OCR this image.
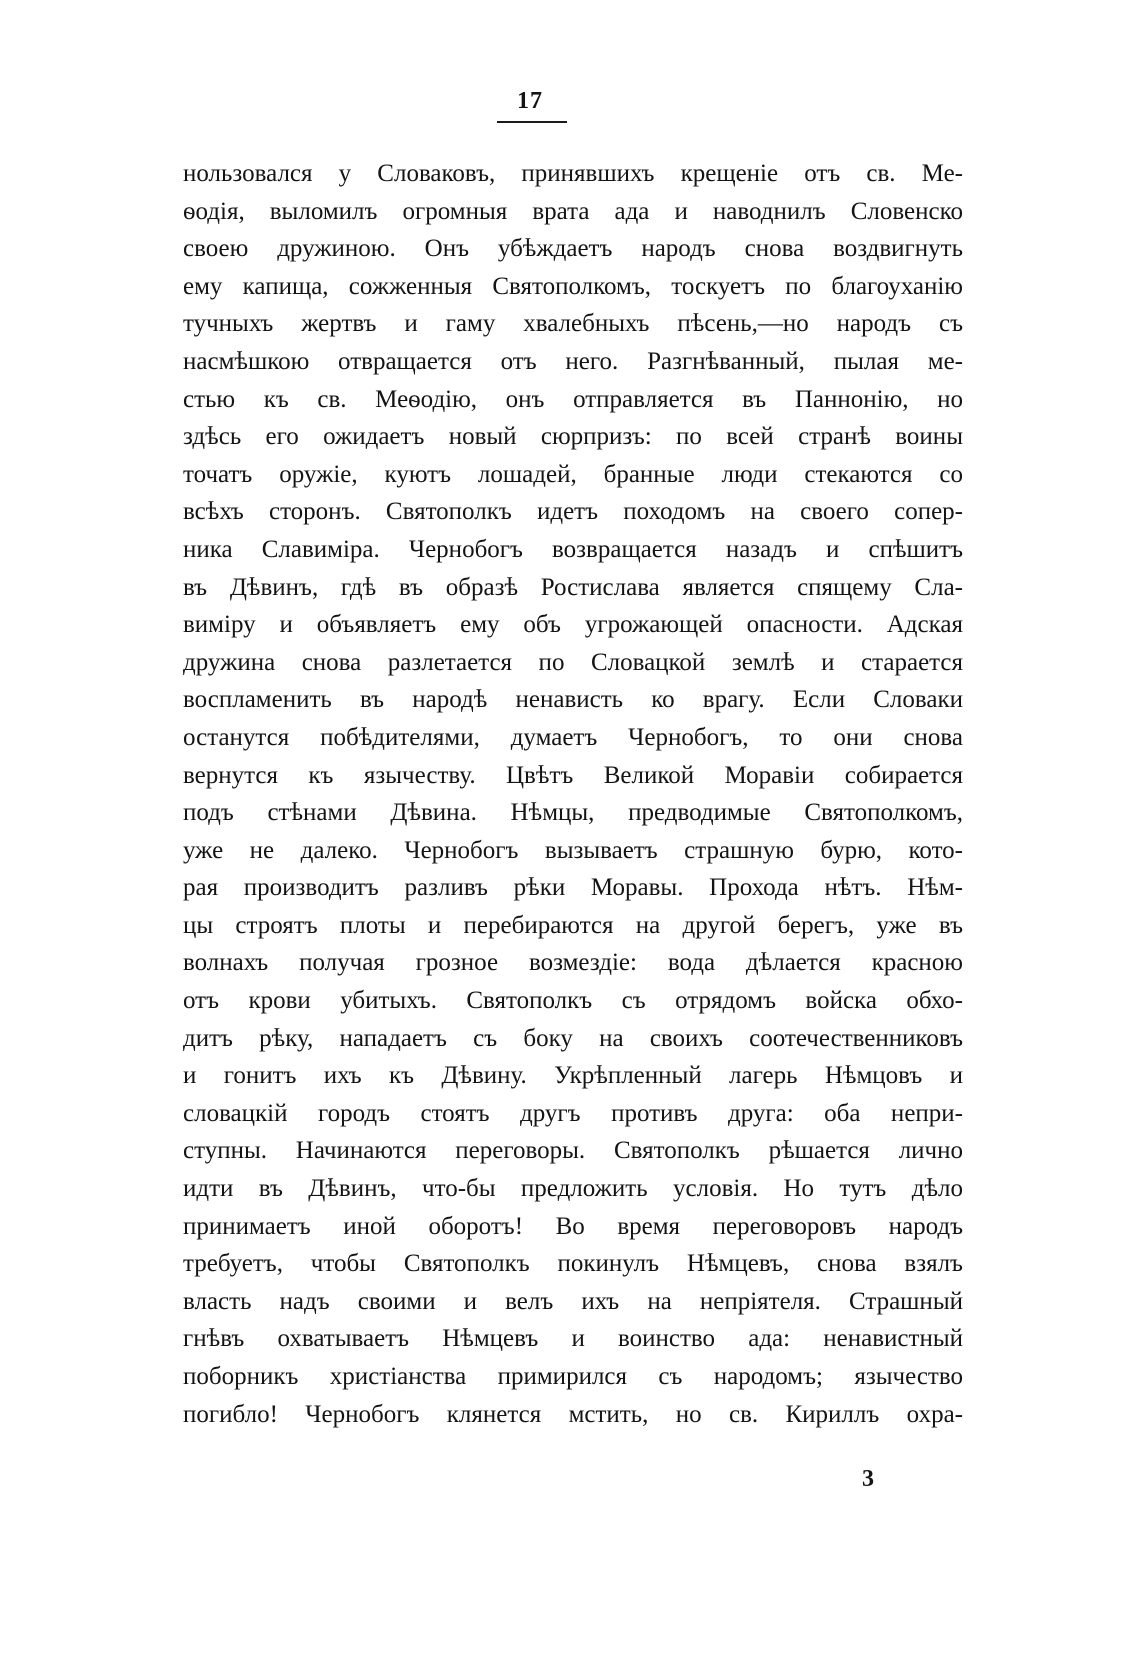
17
нользовался у Словаковъ, принявшихъ крещеніе отъ св. Ме-
ѳодія, выломилъ огромныя врата ада и наводнилъ Словенско
своею дружиною. Онъ убѣждаетъ народъ снова воздвигнуть
ему капища, сожженныя Святополкомъ, тоскуетъ по благоуханію
тучныхъ жертвъ и гаму хвалебныхъ пѣсень,—но народъ съ
насмѣшкою отвращается отъ него. Разгнѣванный, пылая ме-
стью къ св. Меѳодію, онъ отправляется въ Паннонію, но
здѣсь его ожидаетъ новый сюрпризъ: по всей странѣ воины
точатъ оружіе, куютъ лошадей, бранные люди стекаются со
всѣхъ сторонъ. Святополкъ идетъ походомъ на своего сопер-
ника Славиміра. Чернобогъ возвращается назадъ и спѣшитъ
въ Дѣвинъ, гдѣ въ образѣ Ростислава является спящему Сла-
виміру и объявляетъ ему объ угрожающей опасности. Адская
дружина снова разлетается по Словацкой землѣ и старается
воспламенить въ народѣ ненависть ко врагу. Если Словаки
останутся побѣдителями, думаетъ Чернобогъ, то они снова
вернутся къ язычеству. Цвѣтъ Великой Моравіи собирается
подъ стѣнами Дѣвина. Нѣмцы, предводимые Святополкомъ,
уже не далеко. Чернобогъ вызываетъ страшную бурю, кото-
рая производитъ разливъ рѣки Моравы. Прохода нѣтъ. Нѣм-
цы строятъ плоты и перебираются на другой берегъ, уже въ
волнахъ получая грозное возмездіе: вода дѣлается красною
отъ крови убитыхъ. Святополкъ съ отрядомъ войска обхо-
дитъ рѣку, нападаетъ съ боку на своихъ соотечественниковъ
и гонитъ ихъ къ Дѣвину. Укрѣпленный лагерь Нѣмцовъ и
словацкій городъ стоятъ другъ противъ друга: оба непри-
ступны. Начинаются переговоры. Святополкъ рѣшается лично
идти въ Дѣвинъ, что-бы предложить условія. Но тутъ дѣло
принимаетъ иной оборотъ! Во время переговоровъ народъ
требуетъ, чтобы Святополкъ покинулъ Нѣмцевъ, снова взялъ
власть надъ своими и велъ ихъ на непріятеля. Страшный
гнѣвъ охватываетъ Нѣмцевъ и воинство ада: ненавистный
поборникъ христіанства примирился съ народомъ; язычество
погибло! Чернобогъ клянется мстить, но св. Кириллъ охра-
3
